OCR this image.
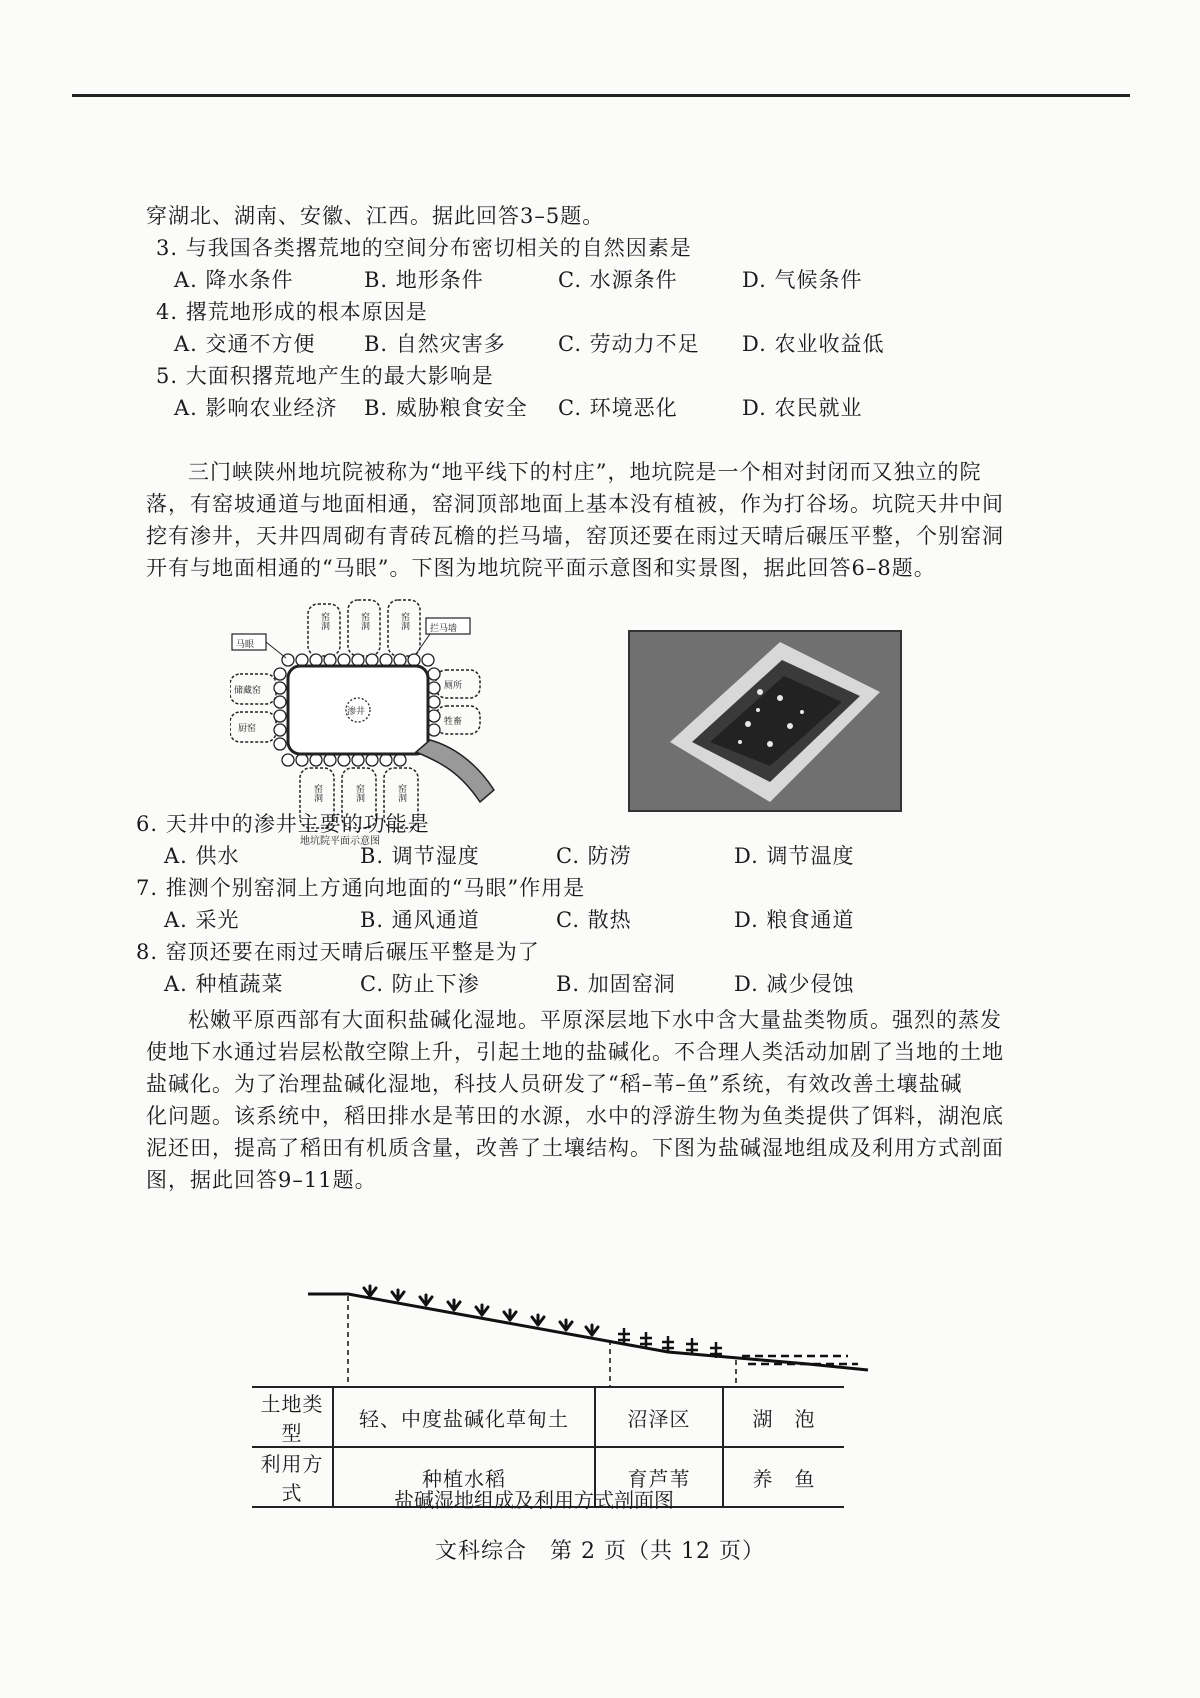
穿湖北、湖南、安徽、江西。据此回答3–5题。
3. 与我国各类撂荒地的空间分布密切相关的自然因素是
A. 降水条件	B. 地形条件	C. 水源条件	D. 气候条件
4. 撂荒地形成的根本原因是
A. 交通不方便 B. 自然灾害多 C. 劳动力不足 D. 农业收益低
5. 大面积撂荒地产生的最大影响是
A. 影响农业经济 B. 威胁粮食安全 C. 环境恶化	D. 农民就业
三门峡陕州地坑院被称为“地平线下的村庄”，地坑院是一个相对封闭而又独立的院
落，有窑坡通道与地面相通，窑洞顶部地面上基本没有植被，作为打谷场。坑院天井中间
挖有渗井，天井四周砌有青砖瓦檐的拦马墙，窑顶还要在雨过天晴后碾压平整，个别窑洞
开有与地面相通的“马眼”。下图为地坑院平面示意图和实景图，据此回答6–8题。
马眼
拦马墙
渗井
储藏窑
厨窑
厕所
牲畜
窑洞	窑洞	窑洞
窑洞	窑洞	窑洞
地坑院平面示意图
6. 天井中的渗井主要的功能是
A. 供水	B. 调节湿度	C. 防涝	D. 调节温度
7. 推测个别窑洞上方通向地面的“马眼”作用是
A. 采光	B. 通风通道	C. 散热	D. 粮食通道
8. 窑顶还要在雨过天晴后碾压平整是为了
A. 种植蔬菜	C. 防止下渗	B. 加固窑洞	D. 减少侵蚀
松嫩平原西部有大面积盐碱化湿地。平原深层地下水中含大量盐类物质。强烈的蒸发
使地下水通过岩层松散空隙上升，引起土地的盐碱化。不合理人类活动加剧了当地的土地
盐碱化。为了治理盐碱化湿地，科技人员研发了“稻–苇–鱼”系统，有效改善土壤盐碱
化问题。该系统中，稻田排水是苇田的水源，水中的浮游生物为鱼类提供了饵料，湖泡底
泥还田，提高了稻田有机质含量，改善了土壤结构。下图为盐碱湿地组成及利用方式剖面
图，据此回答9–11题。
土地类型	轻、中度盐碱化草甸土	沼泽区	湖　泡
利用方式	种植水稻	育芦苇	养　鱼
盐碱湿地组成及利用方式剖面图
文科综合　第 2 页（共 12 页）
